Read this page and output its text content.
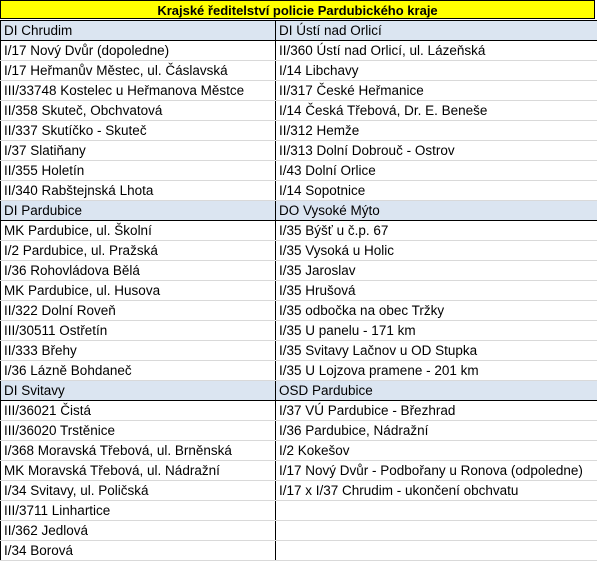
Krajské ředitelství policie Pardubického kraje
DI Chrudim	DI Ústí nad Orlicí
I/17 Nový Dvůr (dopoledne)	II/360 Ústí nad Orlicí, ul. Lázeňská
I/17 Heřmanův Městec, ul. Čáslavská	I/14 Libchavy
III/33748 Kostelec u Heřmanova Městce	II/317 České Heřmanice
II/358 Skuteč, Obchvatová	I/14 Česká Třebová, Dr. E. Beneše
II/337 Skutíčko - Skuteč	II/312 Hemže
I/37 Slatiňany	II/313 Dolní Dobrouč - Ostrov
II/355 Holetín	I/43 Dolní Orlice
II/340 Rabštejnská Lhota	I/14 Sopotnice
DI Pardubice	DO Vysoké Mýto
MK Pardubice, ul. Školní	I/35 Býšť u č.p. 67
I/2 Pardubice, ul. Pražská	I/35 Vysoká u Holic
I/36 Rohovládova Bělá	I/35 Jaroslav
MK Pardubice, ul. Husova	I/35 Hrušová
II/322 Dolní Roveň	I/35 odbočka na obec Tržky
III/30511 Ostřetín	I/35 U panelu - 171 km
II/333 Břehy	I/35 Svitavy Lačnov u OD Stupka
I/36 Lázně Bohdaneč	I/35 U Lojzova pramene - 201 km
DI Svitavy	OSD Pardubice
III/36021 Čistá	I/37 VÚ Pardubice - Březhrad
III/36020 Trstěnice	I/36 Pardubice, Nádražní
I/368 Moravská Třebová, ul. Brněnská	I/2 Kokešov
MK Moravská Třebová, ul. Nádražní	I/17 Nový Dvůr - Podbořany u Ronova (odpoledne)
I/34 Svitavy, ul. Poličská	I/17 x I/37 Chrudim - ukončení obchvatu
III/3711 Linhartice	
II/362 Jedlová	
I/34 Borová	
